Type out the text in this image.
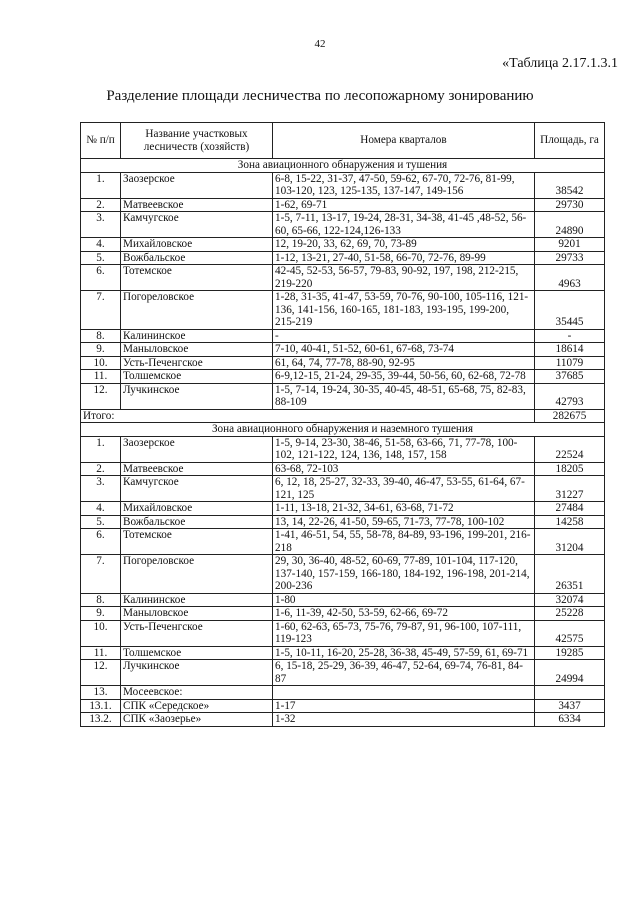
42
«Таблица 2.17.1.3.1
Разделение площади лесничества по лесопожарному зонированию
№ п/п	Название участковых лесничеств (хозяйств)	Номера кварталов	Площадь, га
Зона авиационного обнаружения и тушения			
1.	Заозерское	6-8, 15-22, 31-37, 47-50, 59-62, 67-70, 72-76, 81-99, 103-120, 123, 125-135, 137-147, 149-156	38542
2.	Матвеевское	1-62, 69-71	29730
3.	Камчугское	1-5, 7-11, 13-17, 19-24, 28-31, 34-38, 41-45 ,48-52, 56-60, 65-66, 122-124,126-133	24890
4.	Михайловское	12, 19-20, 33, 62, 69, 70, 73-89	9201
5.	Вожбальское	1-12, 13-21, 27-40, 51-58, 66-70, 72-76, 89-99	29733
6.	Тотемское	42-45, 52-53, 56-57, 79-83, 90-92, 197, 198, 212-215, 219-220	4963
7.	Погореловское	1-28, 31-35, 41-47, 53-59, 70-76, 90-100, 105-116, 121-136, 141-156, 160-165, 181-183, 193-195, 199-200, 215-219	35445
8.	Калининское	-	-
9.	Маныловское	7-10, 40-41, 51-52, 60-61, 67-68, 73-74	18614
10.	Усть-Печенгское	61, 64, 74, 77-78, 88-90, 92-95	11079
11.	Толшемское	6-9,12-15, 21-24, 29-35, 39-44, 50-56, 60, 62-68, 72-78	37685
12.	Лучкинское	1-5, 7-14, 19-24, 30-35, 40-45, 48-51, 65-68, 75, 82-83, 88-109	42793
Итого:			282675
Зона авиационного обнаружения и наземного тушения			
1.	Заозерское	1-5, 9-14, 23-30, 38-46, 51-58, 63-66, 71, 77-78, 100-102, 121-122, 124, 136, 148, 157, 158	22524
2.	Матвеевское	63-68, 72-103	18205
3.	Камчугское	6, 12, 18, 25-27, 32-33, 39-40, 46-47, 53-55, 61-64, 67-121, 125	31227
4.	Михайловское	1-11, 13-18, 21-32, 34-61, 63-68, 71-72	27484
5.	Вожбальское	13, 14, 22-26, 41-50, 59-65, 71-73, 77-78, 100-102	14258
6.	Тотемское	1-41, 46-51, 54, 55, 58-78, 84-89, 93-196, 199-201, 216-218	31204
7.	Погореловское	29, 30, 36-40, 48-52, 60-69, 77-89, 101-104, 117-120, 137-140, 157-159, 166-180, 184-192, 196-198, 201-214, 200-236	26351
8.	Калининское	1-80	32074
9.	Маныловское	1-6, 11-39, 42-50, 53-59, 62-66, 69-72	25228
10.	Усть-Печенгское	1-60, 62-63, 65-73, 75-76, 79-87, 91, 96-100, 107-111, 119-123	42575
11.	Толшемское	1-5, 10-11, 16-20, 25-28, 36-38, 45-49, 57-59, 61, 69-71	19285
12.	Лучкинское	6, 15-18, 25-29, 36-39, 46-47, 52-64, 69-74, 76-81, 84-87	24994
13.	Мосеевское:		
13.1.	СПК «Середское»	1-17	3437
13.2.	СПК «Заозерье»	1-32	6334
